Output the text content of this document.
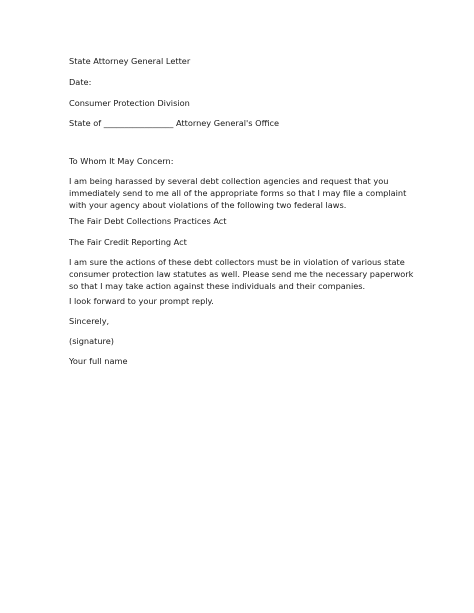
State Attorney General Letter
Date:
Consumer Protection Division
State of _________________ Attorney General's Office
To Whom It May Concern:
I am being harassed by several debt collection agencies and request that you
immediately send to me all of the appropriate forms so that I may file a complaint
with your agency about violations of the following two federal laws.
The Fair Debt Collections Practices Act
The Fair Credit Reporting Act
I am sure the actions of these debt collectors must be in violation of various state
consumer protection law statutes as well. Please send me the necessary paperwork
so that I may take action against these individuals and their companies.
I look forward to your prompt reply.
Sincerely,
(signature)
Your full name
